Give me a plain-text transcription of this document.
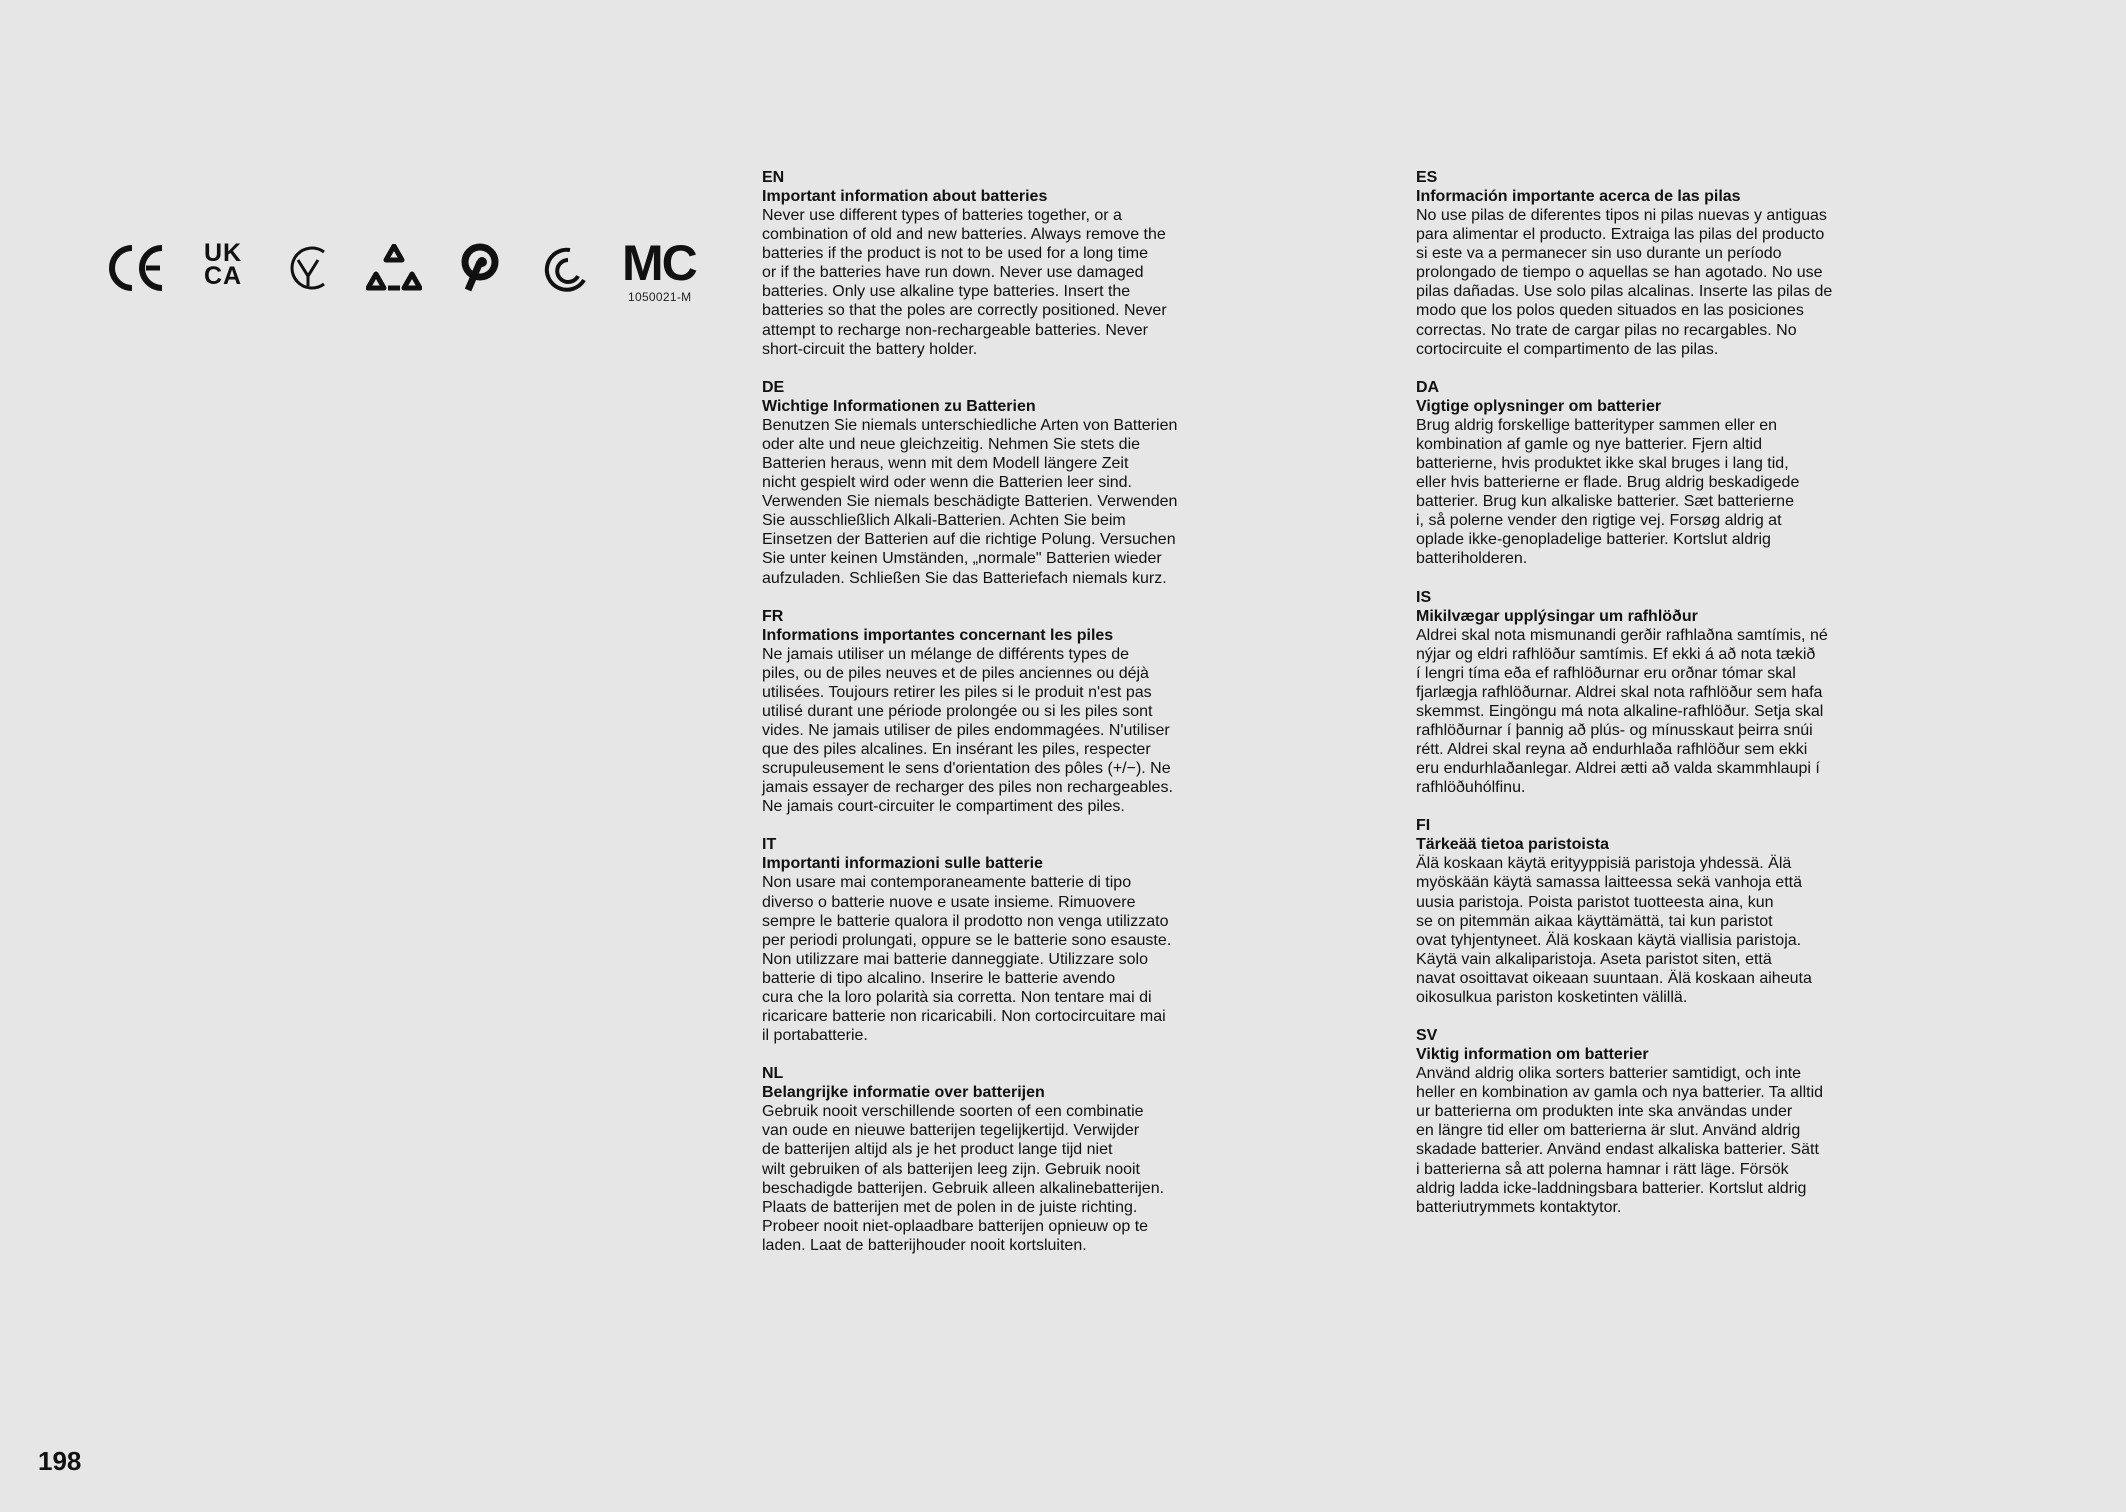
UK
CA	MC
1050021-M
EN
Important information about batteries
Never use different types of batteries together, or a
combination of old and new batteries. Always remove the
batteries if the product is not to be used for a long time
or if the batteries have run down. Never use damaged
batteries. Only use alkaline type batteries. Insert the
batteries so that the poles are correctly positioned. Never
attempt to recharge non-rechargeable batteries. Never
short-circuit the battery holder.
DE
Wichtige Informationen zu Batterien
Benutzen Sie niemals unterschiedliche Arten von Batterien
oder alte und neue gleichzeitig. Nehmen Sie stets die
Batterien heraus, wenn mit dem Modell längere Zeit
nicht gespielt wird oder wenn die Batterien leer sind.
Verwenden Sie niemals beschädigte Batterien. Verwenden
Sie ausschließlich Alkali-Batterien. Achten Sie beim
Einsetzen der Batterien auf die richtige Polung. Versuchen
Sie unter keinen Umständen, „normale" Batterien wieder
aufzuladen. Schließen Sie das Batteriefach niemals kurz.
FR
Informations importantes concernant les piles
Ne jamais utiliser un mélange de différents types de
piles, ou de piles neuves et de piles anciennes ou déjà
utilisées. Toujours retirer les piles si le produit n'est pas
utilisé durant une période prolongée ou si les piles sont
vides. Ne jamais utiliser de piles endommagées. N'utiliser
que des piles alcalines. En insérant les piles, respecter
scrupuleusement le sens d'orientation des pôles (+/−). Ne
jamais essayer de recharger des piles non rechargeables.
Ne jamais court-circuiter le compartiment des piles.
IT
Importanti informazioni sulle batterie
Non usare mai contemporaneamente batterie di tipo
diverso o batterie nuove e usate insieme. Rimuovere
sempre le batterie qualora il prodotto non venga utilizzato
per periodi prolungati, oppure se le batterie sono esauste.
Non utilizzare mai batterie danneggiate. Utilizzare solo
batterie di tipo alcalino. Inserire le batterie avendo
cura che la loro polarità sia corretta. Non tentare mai di
ricaricare batterie non ricaricabili. Non cortocircuitare mai
il portabatterie.
NL
Belangrijke informatie over batterijen
Gebruik nooit verschillende soorten of een combinatie
van oude en nieuwe batterijen tegelijkertijd. Verwijder
de batterijen altijd als je het product lange tijd niet
wilt gebruiken of als batterijen leeg zijn. Gebruik nooit
beschadigde batterijen. Gebruik alleen alkalinebatterijen.
Plaats de batterijen met de polen in de juiste richting.
Probeer nooit niet-oplaadbare batterijen opnieuw op te
laden. Laat de batterijhouder nooit kortsluiten.
ES
Información importante acerca de las pilas
No use pilas de diferentes tipos ni pilas nuevas y antiguas
para alimentar el producto. Extraiga las pilas del producto
si este va a permanecer sin uso durante un período
prolongado de tiempo o aquellas se han agotado. No use
pilas dañadas. Use solo pilas alcalinas. Inserte las pilas de
modo que los polos queden situados en las posiciones
correctas. No trate de cargar pilas no recargables. No
cortocircuite el compartimento de las pilas.
DA
Vigtige oplysninger om batterier
Brug aldrig forskellige batterityper sammen eller en
kombination af gamle og nye batterier. Fjern altid
batterierne, hvis produktet ikke skal bruges i lang tid,
eller hvis batterierne er flade. Brug aldrig beskadigede
batterier. Brug kun alkaliske batterier. Sæt batterierne
i, så polerne vender den rigtige vej. Forsøg aldrig at
oplade ikke-genopladelige batterier. Kortslut aldrig
batteriholderen.
IS
Mikilvægar upplýsingar um rafhlöður
Aldrei skal nota mismunandi gerðir rafhlaðna samtímis, né
nýjar og eldri rafhlöður samtímis. Ef ekki á að nota tækið
í lengri tíma eða ef rafhlöðurnar eru orðnar tómar skal
fjarlægja rafhlöðurnar. Aldrei skal nota rafhlöður sem hafa
skemmst. Eingöngu má nota alkaline-rafhlöður. Setja skal
rafhlöðurnar í þannig að plús- og mínusskaut þeirra snúi
rétt. Aldrei skal reyna að endurhlaða rafhlöður sem ekki
eru endurhlaðanlegar. Aldrei ætti að valda skammhlaupi í
rafhlöðuhólfinu.
FI
Tärkeää tietoa paristoista
Älä koskaan käytä erityyppisiä paristoja yhdessä. Älä
myöskään käytä samassa laitteessa sekä vanhoja että
uusia paristoja. Poista paristot tuotteesta aina, kun
se on pitemmän aikaa käyttämättä, tai kun paristot
ovat tyhjentyneet. Älä koskaan käytä viallisia paristoja.
Käytä vain alkaliparistoja. Aseta paristot siten, että
navat osoittavat oikeaan suuntaan. Älä koskaan aiheuta
oikosulkua pariston kosketinten välillä.
SV
Viktig information om batterier
Använd aldrig olika sorters batterier samtidigt, och inte
heller en kombination av gamla och nya batterier. Ta alltid
ur batterierna om produkten inte ska användas under
en längre tid eller om batterierna är slut. Använd aldrig
skadade batterier. Använd endast alkaliska batterier. Sätt
i batterierna så att polerna hamnar i rätt läge. Försök
aldrig ladda icke-laddningsbara batterier. Kortslut aldrig
batteriutrymmets kontaktytor.
198
